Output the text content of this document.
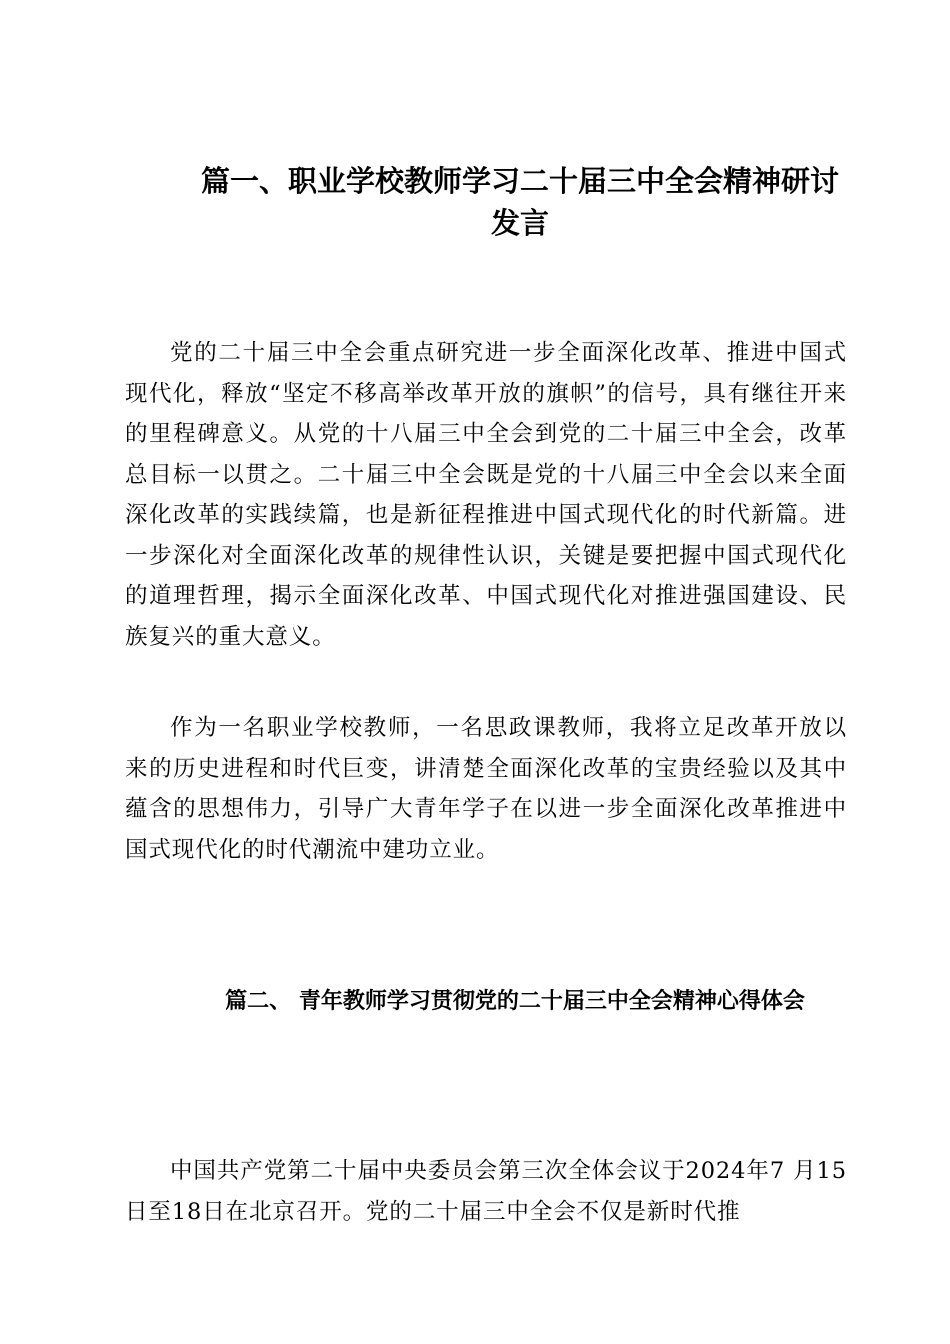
篇一、职业学校教师学习二十届三中全会精神研讨发言

党的二十届三中全会重点研究进一步全面深化改革、推进中国式现代化，释放“坚定不移高举改革开放的旗帜”的信号，具有继往开来的里程碑意义。从党的十八届三中全会到党的二十届三中全会，改革总目标一以贯之。二十届三中全会既是党的十八届三中全会以来全面深化改革的实践续篇，也是新征程推进中国式现代化的时代新篇。进一步深化对全面深化改革的规律性认识，关键是要把握中国式现代化的道理哲理，揭示全面深化改革、中国式现代化对推进强国建设、民族复兴的重大意义。

作为一名职业学校教师，一名思政课教师，我将立足改革开放以来的历史进程和时代巨变，讲清楚全面深化改革的宝贵经验以及其中蕴含的思想伟力，引导广大青年学子在以进一步全面深化改革推进中国式现代化的时代潮流中建功立业。

篇二、 青年教师学习贯彻党的二十届三中全会精神心得体会

中国共产党第二十届中央委员会第三次全体会议于2024年7 月15日至18日在北京召开。党的二十届三中全会不仅是新时代推
